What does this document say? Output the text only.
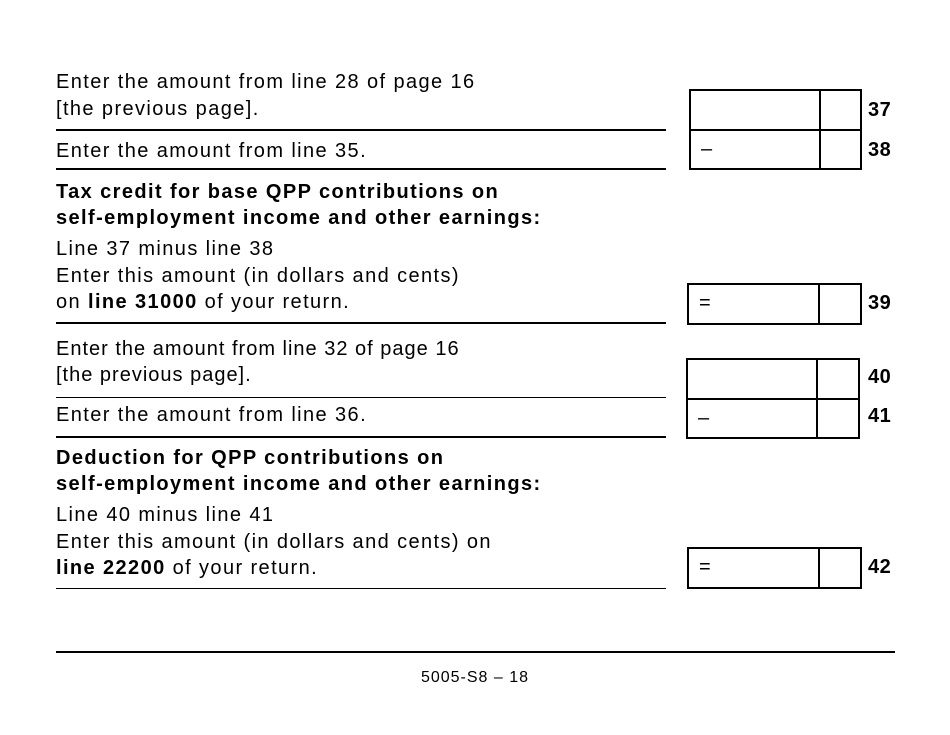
Enter the amount from line 28 of page 16
[the previous page].	37
Enter the amount from line 35.	–	38
Tax credit for base QPP contributions on
self-employment income and other earnings:
Line 37 minus line 38
Enter this amount (in dollars and cents)
on line 31000 of your return.	=	39
Enter the amount from line 32 of page 16
[the previous page].	40
Enter the amount from line 36.	–	41
Deduction for QPP contributions on
self-employment income and other earnings:
Line 40 minus line 41
Enter this amount (in dollars and cents) on
line 22200 of your return.	=	42
5005-S8 – 18
